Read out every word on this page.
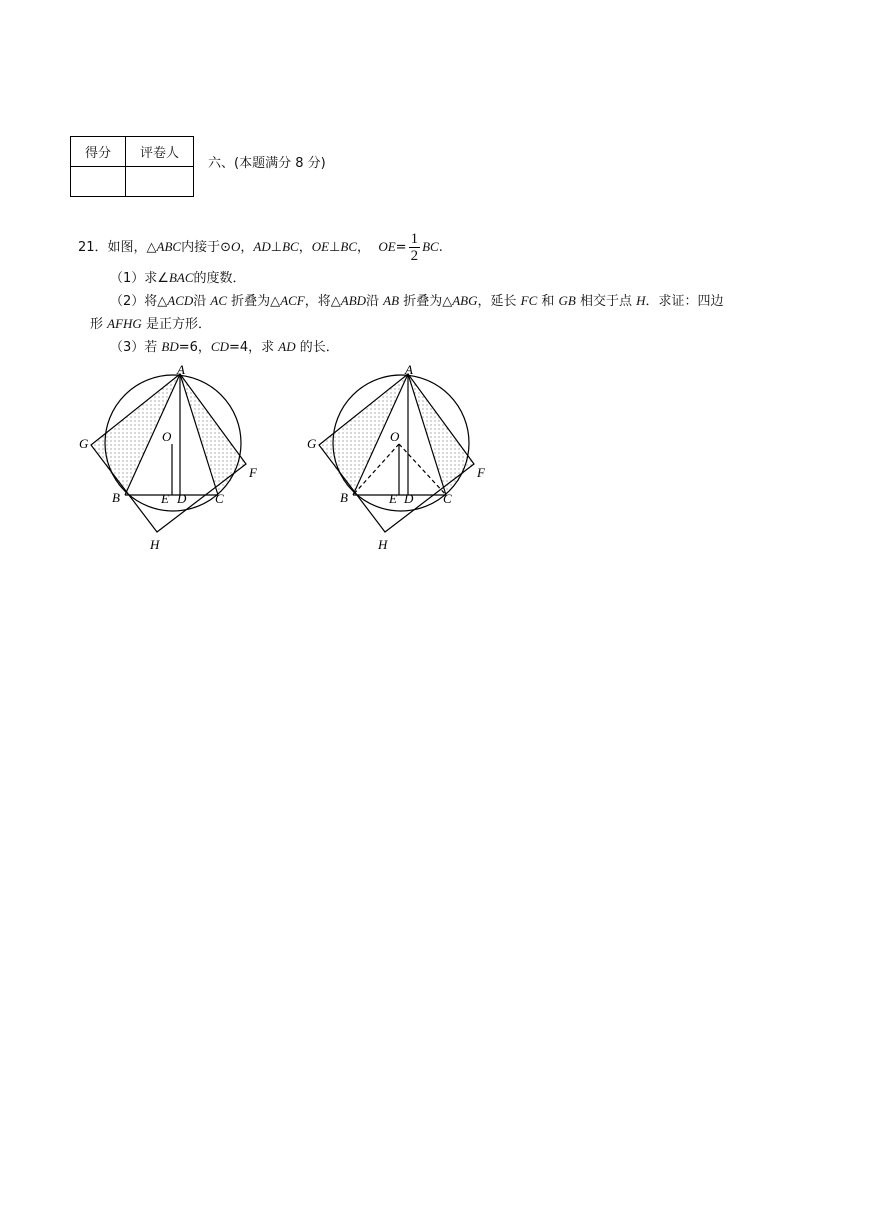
得分	评卷人

六、(本题满分 8 分)
21．如图，△ABC内接于⊙O，AD⊥BC，OE⊥BC， $OE= \frac{1}{2}$ BC.
（1）求∠BAC的度数．
（2）将△ACD沿 AC 折叠为△ACF，将△ABD沿 AB 折叠为△ABG，延长 FC 和 GB 相交于点 H．求证：四边
形 AFHG 是正方形．
（3）若 BD=6，CD=4，求 AD 的长．
A
O
G
F
B	E D C
H
A
O
G
F
B	E D C
H
